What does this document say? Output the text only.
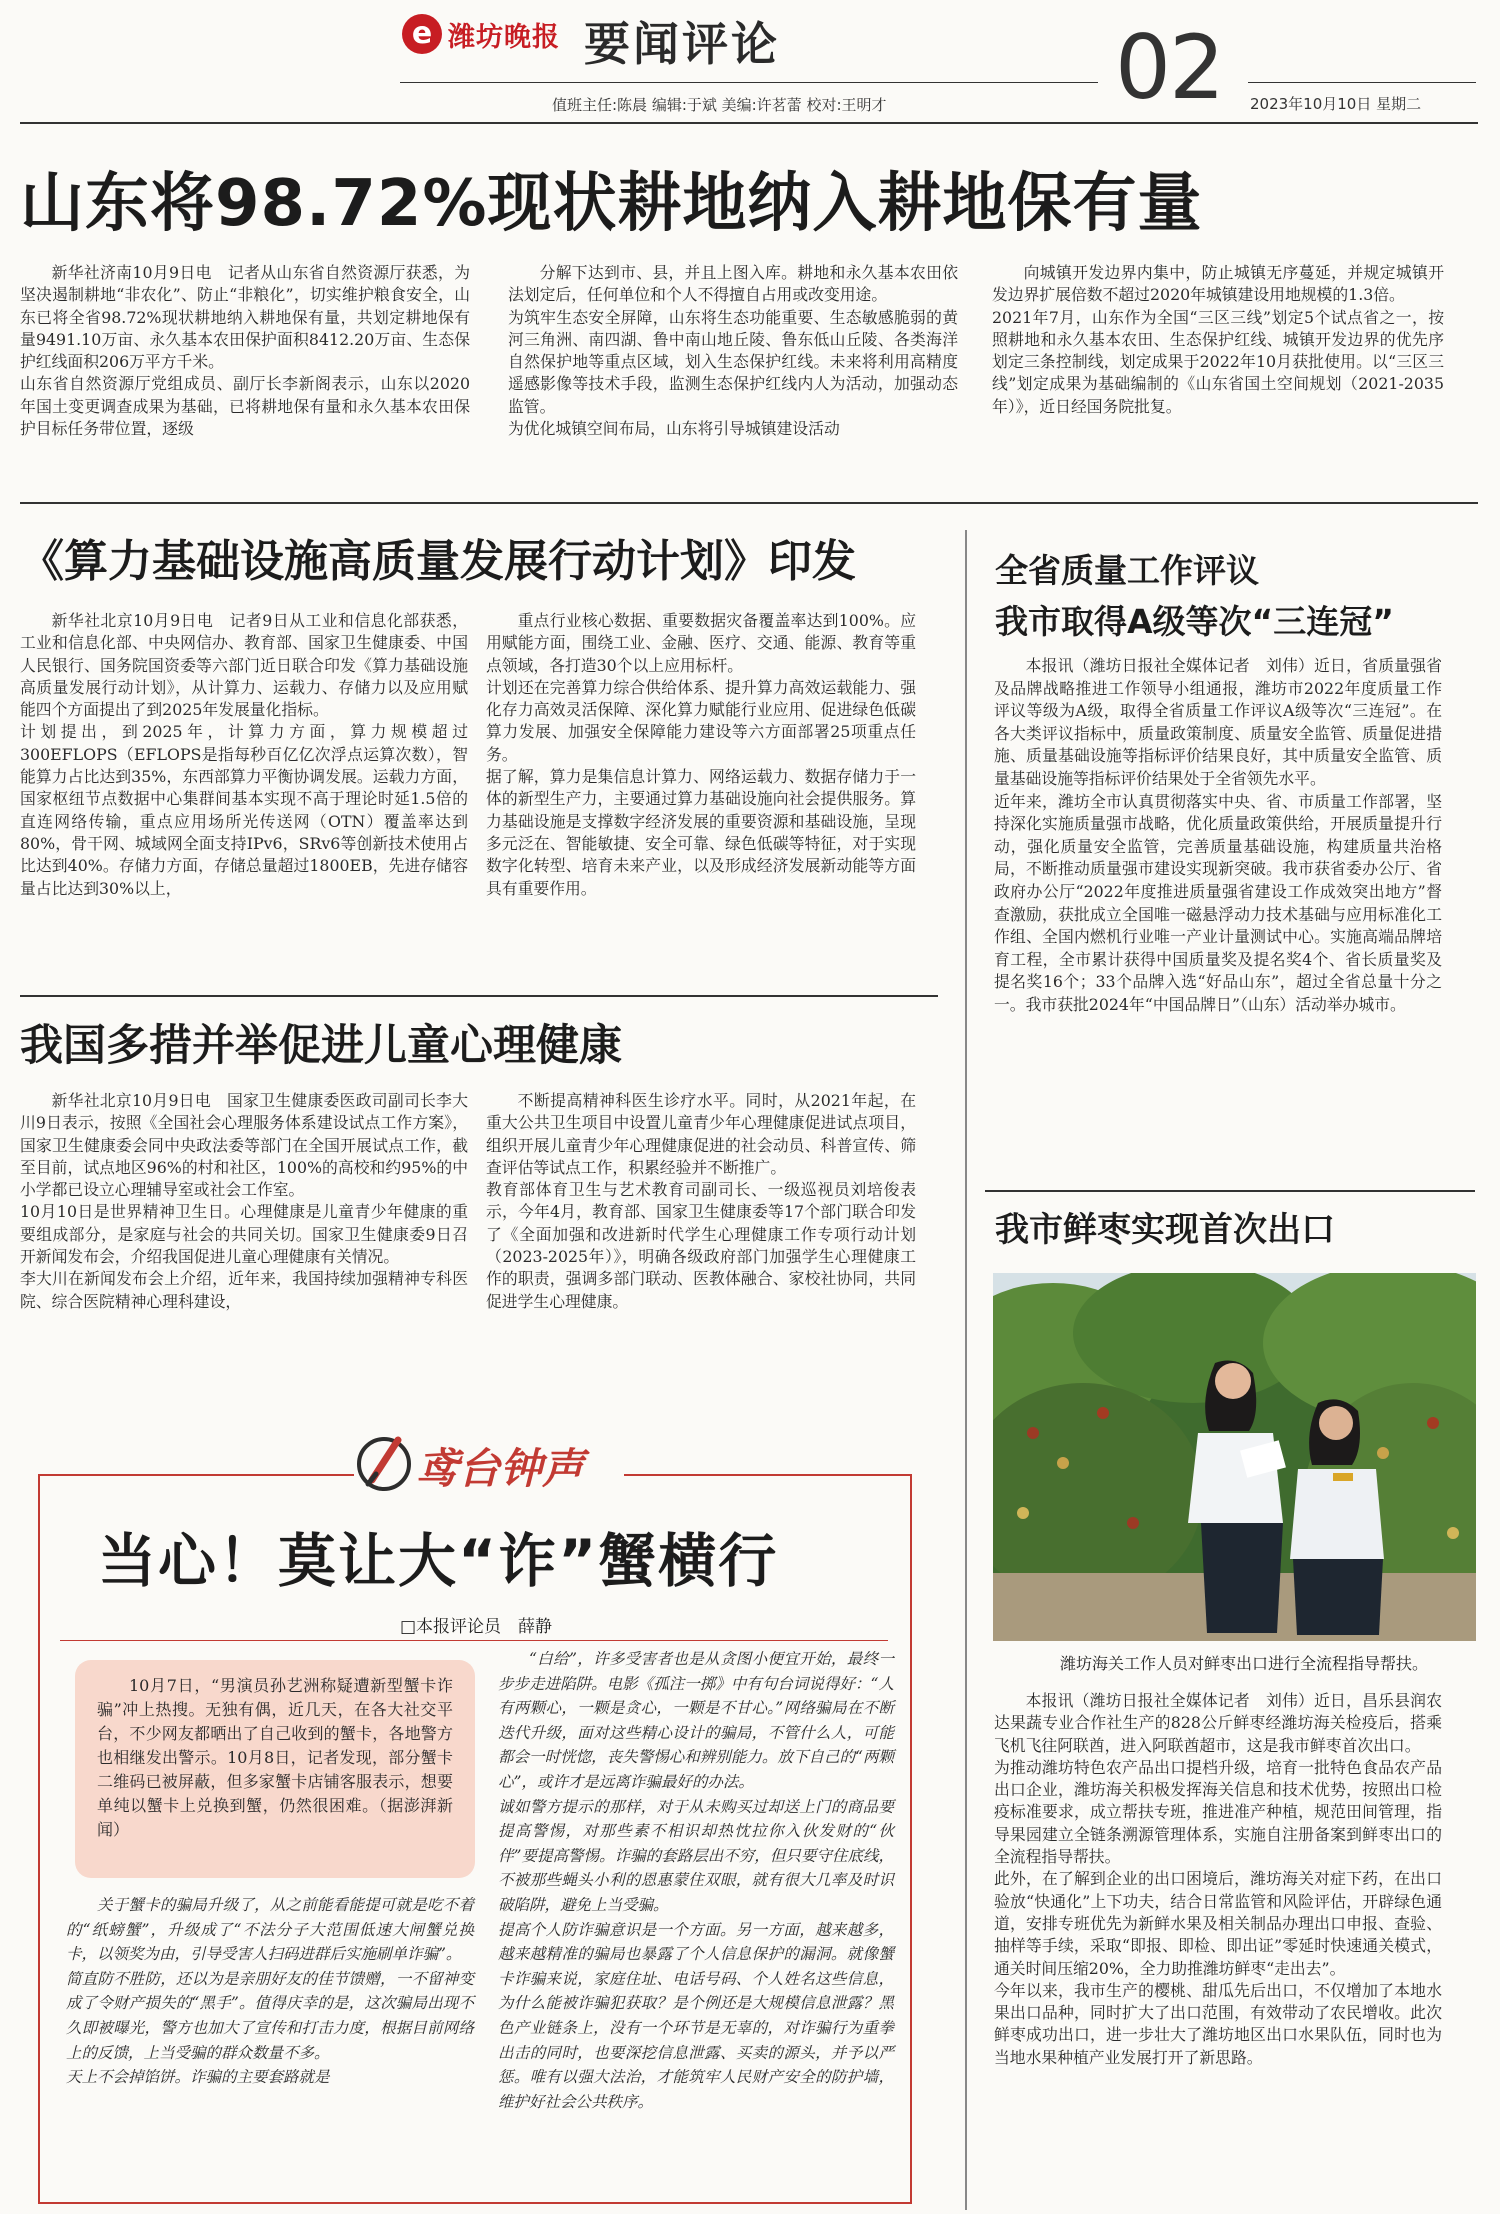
e 潍坊晚报 要闻评论	02
值班主任:陈晨 编辑:于斌 美编:许茗蕾 校对:王明才	2023年10月10日 星期二
山东将98.72%现状耕地纳入耕地保有量

新华社济南10月9日电　记者从山东省自然资源厅获悉，为坚决遏制耕地“非农化”、防止“非粮化”，切实维护粮食安全，山东已将全省98.72%现状耕地纳入耕地保有量，共划定耕地保有量9491.10万亩、永久基本农田保护面积8412.20万亩、生态保护红线面积206万平方千米。
山东省自然资源厅党组成员、副厅长李新阁表示，山东以2020年国土变更调查成果为基础，已将耕地保有量和永久基本农田保护目标任务带位置，逐级

分解下达到市、县，并且上图入库。耕地和永久基本农田依法划定后，任何单位和个人不得擅自占用或改变用途。
为筑牢生态安全屏障，山东将生态功能重要、生态敏感脆弱的黄河三角洲、南四湖、鲁中南山地丘陵、鲁东低山丘陵、各类海洋自然保护地等重点区域，划入生态保护红线。未来将利用高精度遥感影像等技术手段，监测生态保护红线内人为活动，加强动态监管。
为优化城镇空间布局，山东将引导城镇建设活动

向城镇开发边界内集中，防止城镇无序蔓延，并规定城镇开发边界扩展倍数不超过2020年城镇建设用地规模的1.3倍。
2021年7月，山东作为全国“三区三线”划定5个试点省之一，按照耕地和永久基本农田、生态保护红线、城镇开发边界的优先序划定三条控制线，划定成果于2022年10月获批使用。以“三区三线”划定成果为基础编制的《山东省国土空间规划（2021-2035年）》，近日经国务院批复。

《算力基础设施高质量发展行动计划》印发

新华社北京10月9日电　记者9日从工业和信息化部获悉，工业和信息化部、中央网信办、教育部、国家卫生健康委、中国人民银行、国务院国资委等六部门近日联合印发《算力基础设施高质量发展行动计划》，从计算力、运载力、存储力以及应用赋能四个方面提出了到2025年发展量化指标。
计划提出，到2025年，计算力方面，算力规模超过300EFLOPS（EFLOPS是指每秒百亿亿次浮点运算次数），智能算力占比达到35%，东西部算力平衡协调发展。运载力方面，国家枢纽节点数据中心集群间基本实现不高于理论时延1.5倍的直连网络传输，重点应用场所光传送网（OTN）覆盖率达到80%，骨干网、城域网全面支持IPv6，SRv6等创新技术使用占比达到40%。存储力方面，存储总量超过1800EB，先进存储容量占比达到30%以上，

重点行业核心数据、重要数据灾备覆盖率达到100%。应用赋能方面，围绕工业、金融、医疗、交通、能源、教育等重点领域，各打造30个以上应用标杆。
计划还在完善算力综合供给体系、提升算力高效运载能力、强化存力高效灵活保障、深化算力赋能行业应用、促进绿色低碳算力发展、加强安全保障能力建设等六方面部署25项重点任务。
据了解，算力是集信息计算力、网络运载力、数据存储力于一体的新型生产力，主要通过算力基础设施向社会提供服务。算力基础设施是支撑数字经济发展的重要资源和基础设施，呈现多元泛在、智能敏捷、安全可靠、绿色低碳等特征，对于实现数字化转型、培育未来产业，以及形成经济发展新动能等方面具有重要作用。

我国多措并举促进儿童心理健康

新华社北京10月9日电　国家卫生健康委医政司副司长李大川9日表示，按照《全国社会心理服务体系建设试点工作方案》，国家卫生健康委会同中央政法委等部门在全国开展试点工作，截至目前，试点地区96%的村和社区，100%的高校和约95%的中小学都已设立心理辅导室或社会工作室。
10月10日是世界精神卫生日。心理健康是儿童青少年健康的重要组成部分，是家庭与社会的共同关切。国家卫生健康委9日召开新闻发布会，介绍我国促进儿童心理健康有关情况。
李大川在新闻发布会上介绍，近年来，我国持续加强精神专科医院、综合医院精神心理科建设，

不断提高精神科医生诊疗水平。同时，从2021年起，在重大公共卫生项目中设置儿童青少年心理健康促进试点项目，组织开展儿童青少年心理健康促进的社会动员、科普宣传、筛查评估等试点工作，积累经验并不断推广。
教育部体育卫生与艺术教育司副司长、一级巡视员刘培俊表示，今年4月，教育部、国家卫生健康委等17个部门联合印发了《全面加强和改进新时代学生心理健康工作专项行动计划（2023-2025年）》，明确各级政府部门加强学生心理健康工作的职责，强调多部门联动、医教体融合、家校社协同，共同促进学生心理健康。

全省质量工作评议
我市取得A级等次“三连冠”

本报讯（潍坊日报社全媒体记者　刘伟）近日，省质量强省及品牌战略推进工作领导小组通报，潍坊市2022年度质量工作评议等级为A级，取得全省质量工作评议A级等次“三连冠”。在各大类评议指标中，质量政策制度、质量安全监管、质量促进措施、质量基础设施等指标评价结果良好，其中质量安全监管、质量基础设施等指标评价结果处于全省领先水平。
近年来，潍坊全市认真贯彻落实中央、省、市质量工作部署，坚持深化实施质量强市战略，优化质量政策供给，开展质量提升行动，强化质量安全监管，完善质量基础设施，构建质量共治格局，不断推动质量强市建设实现新突破。我市获省委办公厅、省政府办公厅“2022年度推进质量强省建设工作成效突出地方”督查激励，获批成立全国唯一磁悬浮动力技术基础与应用标准化工作组、全国内燃机行业唯一产业计量测试中心。实施高端品牌培育工程，全市累计获得中国质量奖及提名奖4个、省长质量奖及提名奖16个；33个品牌入选“好品山东”，超过全省总量十分之一。我市获批2024年“中国品牌日”（山东）活动举办城市。

我市鲜枣实现首次出口
潍坊海关工作人员对鲜枣出口进行全流程指导帮扶。

本报讯（潍坊日报社全媒体记者　刘伟）近日，昌乐县润农达果蔬专业合作社生产的828公斤鲜枣经潍坊海关检疫后，搭乘飞机飞往阿联酋，进入阿联酋超市，这是我市鲜枣首次出口。
为推动潍坊特色农产品出口提档升级，培育一批特色食品农产品出口企业，潍坊海关积极发挥海关信息和技术优势，按照出口检疫标准要求，成立帮扶专班，推进准产种植，规范田间管理，指导果园建立全链条溯源管理体系，实施自注册备案到鲜枣出口的全流程指导帮扶。
此外，在了解到企业的出口困境后，潍坊海关对症下药，在出口验放“快通化”上下功夫，结合日常监管和风险评估，开辟绿色通道，安排专班优先为新鲜水果及相关制品办理出口申报、查验、抽样等手续，采取“即报、即检、即出证”零延时快速通关模式，通关时间压缩20%，全力助推潍坊鲜枣“走出去”。
今年以来，我市生产的樱桃、甜瓜先后出口，不仅增加了本地水果出口品种，同时扩大了出口范围，有效带动了农民增收。此次鲜枣成功出口，进一步壮大了潍坊地区出口水果队伍，同时也为当地水果种植产业发展打开了新思路。

鸢台钟声
当心！莫让大“诈”蟹横行
□本报评论员　薛静

10月7日，“男演员孙艺洲称疑遭新型蟹卡诈骗”冲上热搜。无独有偶，近几天，在各大社交平台，不少网友都晒出了自己收到的蟹卡，各地警方也相继发出警示。10月8日，记者发现，部分蟹卡二维码已被屏蔽，但多家蟹卡店铺客服表示，想要单纯以蟹卡上兑换到蟹，仍然很困难。（据澎湃新闻）

关于蟹卡的骗局升级了，从之前能看能提可就是吃不着的“纸螃蟹”，升级成了“不法分子大范围低速大闸蟹兑换卡，以领奖为由，引导受害人扫码进群后实施刷单诈骗”。
简直防不胜防，还以为是亲朋好友的佳节馈赠，一不留神变成了令财产损失的“黑手”。值得庆幸的是，这次骗局出现不久即被曝光，警方也加大了宣传和打击力度，根据目前网络上的反馈，上当受骗的群众数量不多。
天上不会掉馅饼。诈骗的主要套路就是

“白给”，许多受害者也是从贪图小便宜开始，最终一步步走进陷阱。电影《孤注一掷》中有句台词说得好：“人有两颗心，一颗是贪心，一颗是不甘心。”网络骗局在不断迭代升级，面对这些精心设计的骗局，不管什么人，可能都会一时恍惚，丧失警惕心和辨别能力。放下自己的“两颗心”，或许才是远离诈骗最好的办法。
诚如警方提示的那样，对于从未购买过却送上门的商品要提高警惕，对那些素不相识却热忱拉你入伙发财的“伙伴”要提高警惕。诈骗的套路层出不穷，但只要守住底线，不被那些蝇头小利的恩惠蒙住双眼，就有很大几率及时识破陷阱，避免上当受骗。
提高个人防诈骗意识是一个方面。另一方面，越来越多，越来越精准的骗局也暴露了个人信息保护的漏洞。就像蟹卡诈骗来说，家庭住址、电话号码、个人姓名这些信息，为什么能被诈骗犯获取？是个例还是大规模信息泄露？黑色产业链条上，没有一个环节是无辜的，对诈骗行为重拳出击的同时，也要深挖信息泄露、买卖的源头，并予以严惩。唯有以强大法治，才能筑牢人民财产安全的防护墙，维护好社会公共秩序。
